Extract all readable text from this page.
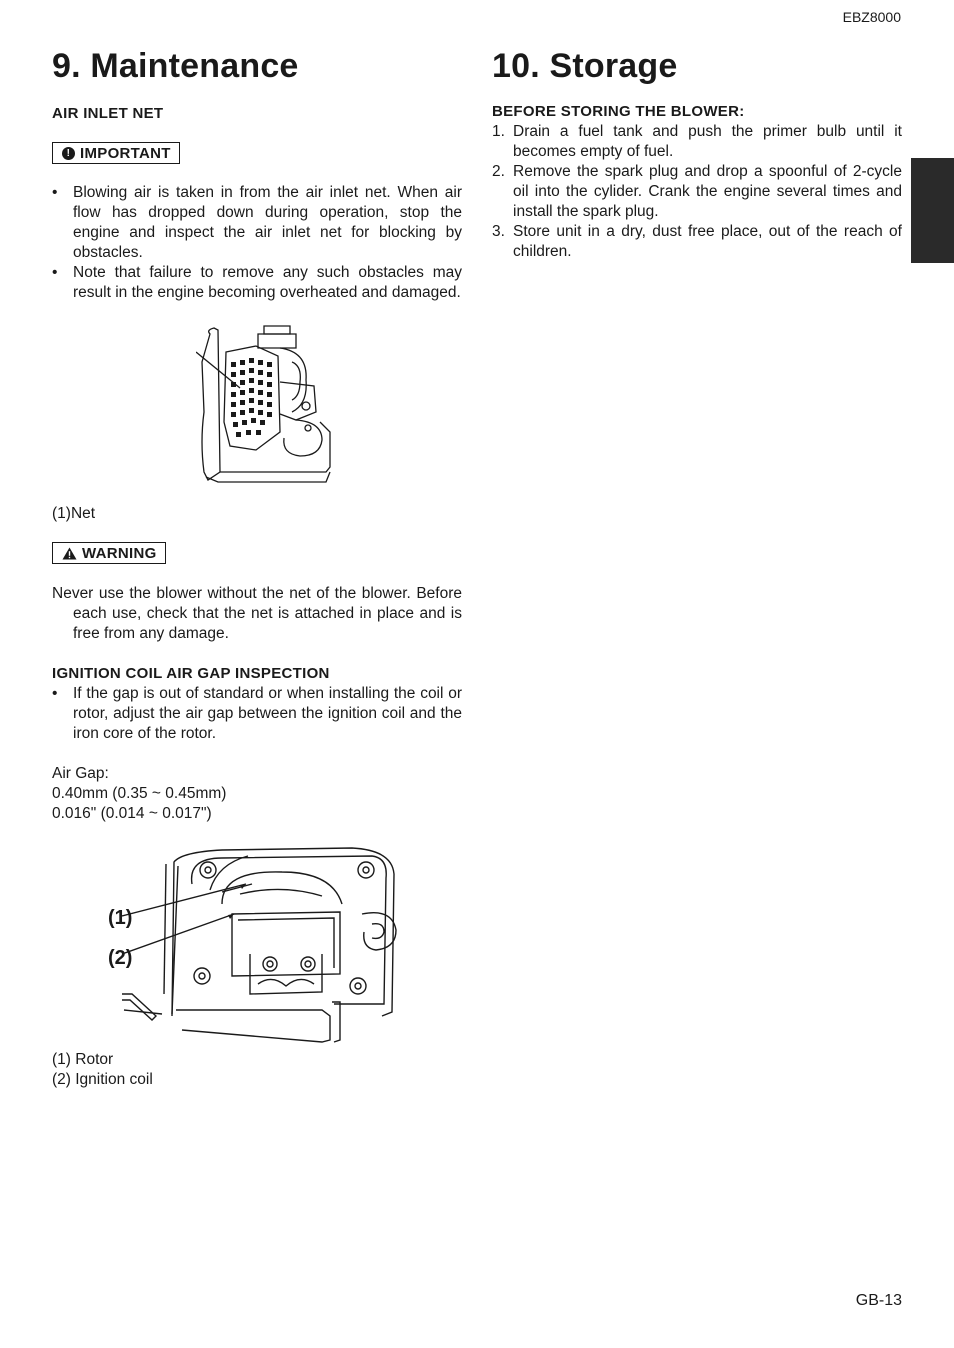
EBZ8000
9. Maintenance
AIR INLET NET
! IMPORTANT
• Blowing air is taken in from the air inlet net. When air flow has dropped down during operation, stop the engine and inspect the air inlet net for blocking by obstacles.
• Note that failure to remove any such obstacles may result in the engine becoming overheated and damaged.

(1)Net

WARNING

Never use the blower without the net of the blower. Before each use, check that the net is attached in place and is free from any damage.

IGNITION COIL AIR GAP INSPECTION
• If the gap is out of standard or when installing the coil or rotor, adjust the air gap between the ignition coil and the iron core of the rotor.

Air Gap:

0.40mm (0.35 ~ 0.45mm)

0.016" (0.014 ~ 0.017")

(1)
(2)

(1) Rotor

(2) Ignition coil

10. Storage
BEFORE STORING THE BLOWER:
1. Drain a fuel tank and push the primer bulb until it becomes empty of fuel.
2. Remove the spark plug and drop a spoonful of 2-cycle oil into the cylider. Crank the engine several times and install the spark plug.
3. Store unit in a dry, dust free place, out of the reach of children.
GB-13
